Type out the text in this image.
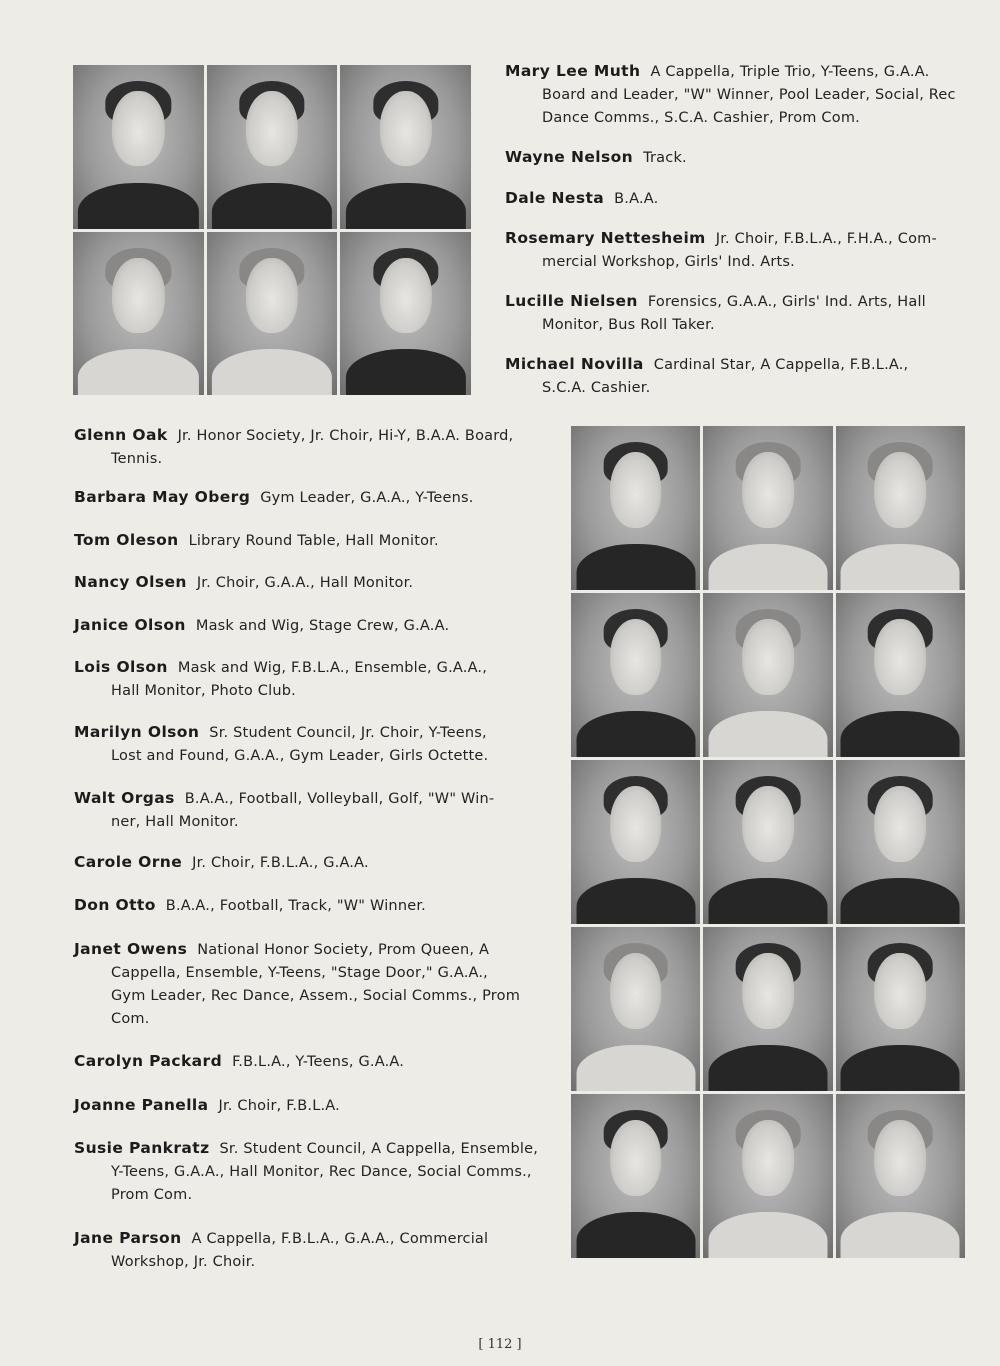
Mary Lee Muth A Cappella, Triple Trio, Y-Teens, G.A.A.
Board and Leader, "W" Winner, Pool Leader, Social, Rec
Dance Comms., S.C.A. Cashier, Prom Com.
Wayne Nelson Track.
Dale Nesta B.A.A.
Rosemary Nettesheim Jr. Choir, F.B.L.A., F.H.A., Com-
mercial Workshop, Girls' Ind. Arts.
Lucille Nielsen Forensics, G.A.A., Girls' Ind. Arts, Hall
Monitor, Bus Roll Taker.
Michael Novilla Cardinal Star, A Cappella, F.B.L.A.,
S.C.A. Cashier.
Glenn Oak Jr. Honor Society, Jr. Choir, Hi-Y, B.A.A. Board,
Tennis.
Barbara May Oberg Gym Leader, G.A.A., Y-Teens.
Tom Oleson Library Round Table, Hall Monitor.
Nancy Olsen Jr. Choir, G.A.A., Hall Monitor.
Janice Olson Mask and Wig, Stage Crew, G.A.A.
Lois Olson Mask and Wig, F.B.L.A., Ensemble, G.A.A.,
Hall Monitor, Photo Club.
Marilyn Olson Sr. Student Council, Jr. Choir, Y-Teens,
Lost and Found, G.A.A., Gym Leader, Girls Octette.
Walt Orgas B.A.A., Football, Volleyball, Golf, "W" Win-
ner, Hall Monitor.
Carole Orne Jr. Choir, F.B.L.A., G.A.A.
Don Otto B.A.A., Football, Track, "W" Winner.
Janet Owens National Honor Society, Prom Queen, A
Cappella, Ensemble, Y-Teens, "Stage Door," G.A.A.,
Gym Leader, Rec Dance, Assem., Social Comms., Prom
Com.
Carolyn Packard F.B.L.A., Y-Teens, G.A.A.
Joanne Panella Jr. Choir, F.B.L.A.
Susie Pankratz Sr. Student Council, A Cappella, Ensemble,
Y-Teens, G.A.A., Hall Monitor, Rec Dance, Social Comms.,
Prom Com.
Jane Parson A Cappella, F.B.L.A., G.A.A., Commercial
Workshop, Jr. Choir.
[ 112 ]
